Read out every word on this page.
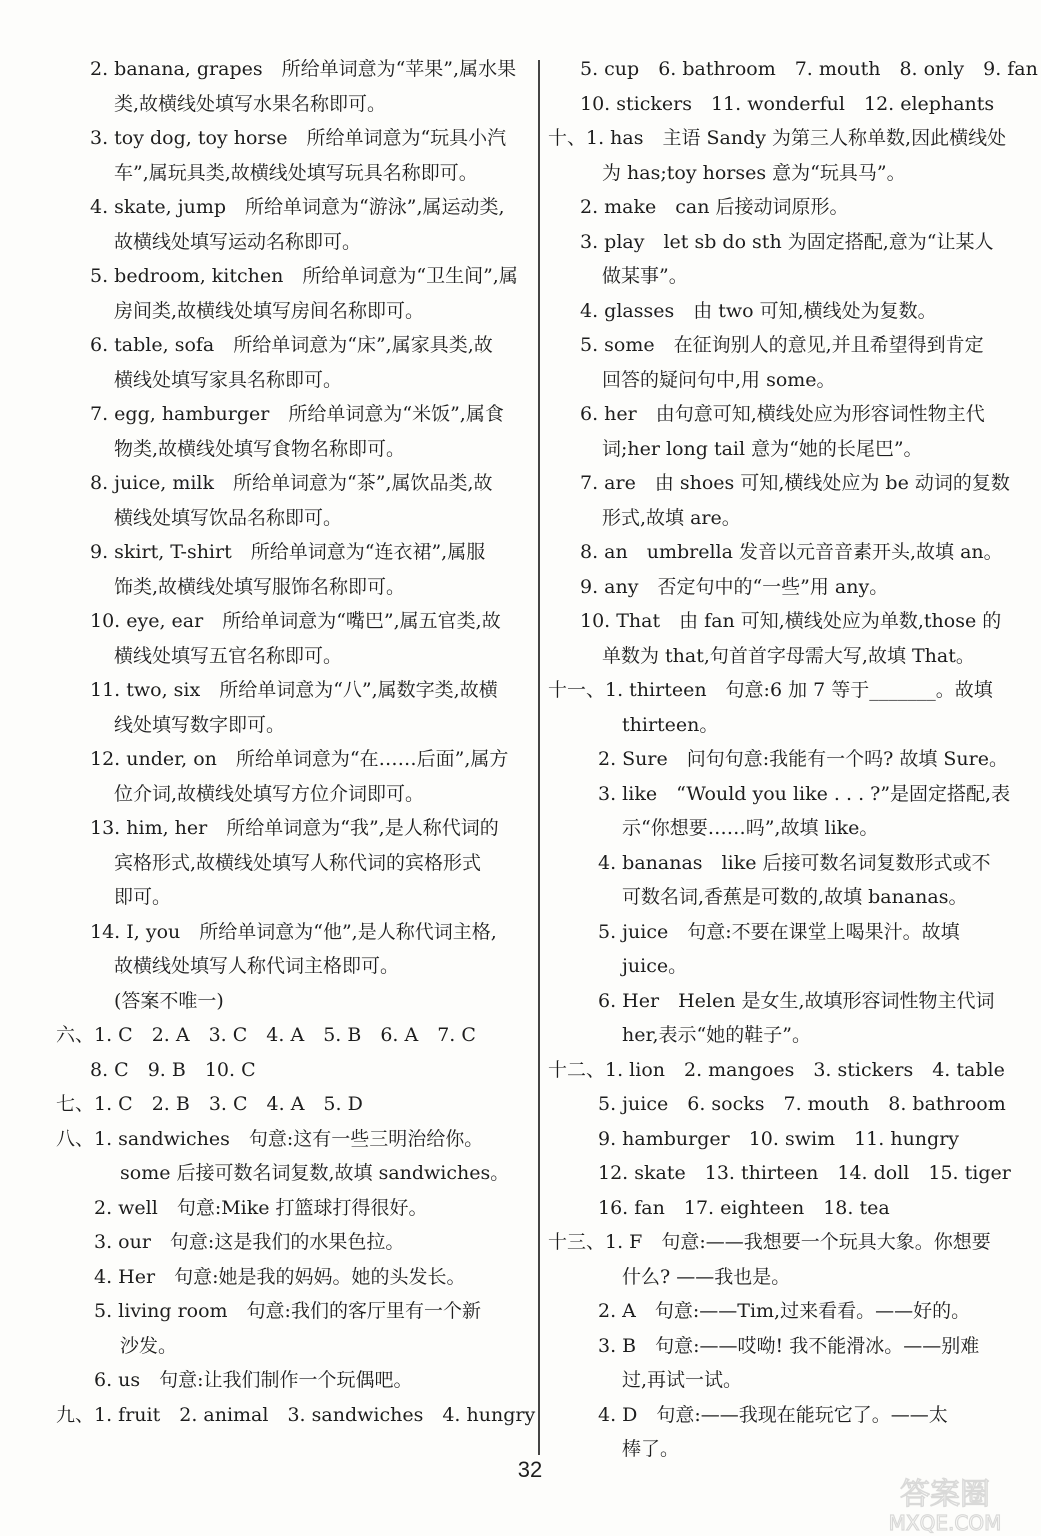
2. banana, grapes　所给单词意为“苹果”,属水果
类,故横线处填写水果名称即可。
3. toy dog, toy horse　所给单词意为“玩具小汽
车”,属玩具类,故横线处填写玩具名称即可。
4. skate, jump　所给单词意为“游泳”,属运动类,
故横线处填写运动名称即可。
5. bedroom, kitchen　所给单词意为“卫生间”,属
房间类,故横线处填写房间名称即可。
6. table, sofa　所给单词意为“床”,属家具类,故
横线处填写家具名称即可。
7. egg, hamburger　所给单词意为“米饭”,属食
物类,故横线处填写食物名称即可。
8. juice, milk　所给单词意为“茶”,属饮品类,故
横线处填写饮品名称即可。
9. skirt, T-shirt　所给单词意为“连衣裙”,属服
饰类,故横线处填写服饰名称即可。
10. eye, ear　所给单词意为“嘴巴”,属五官类,故
横线处填写五官名称即可。
11. two, six　所给单词意为“八”,属数字类,故横
线处填写数字即可。
12. under, on　所给单词意为“在……后面”,属方
位介词,故横线处填写方位介词即可。
13. him, her　所给单词意为“我”,是人称代词的
宾格形式,故横线处填写人称代词的宾格形式
即可。
14. I, you　所给单词意为“他”,是人称代词主格,
故横线处填写人称代词主格即可。
(答案不唯一)
六、1. C　2. A　3. C　4. A　5. B　6. A　7. C
8. C　9. B　10. C
七、1. C　2. B　3. C　4. A　5. D
八、1. sandwiches　句意:这有一些三明治给你。
some 后接可数名词复数,故填 sandwiches。
2. well　句意:Mike 打篮球打得很好。
3. our　句意:这是我们的水果色拉。
4. Her　句意:她是我的妈妈。她的头发长。
5. living room　句意:我们的客厅里有一个新
沙发。
6. us　句意:让我们制作一个玩偶吧。
九、1. fruit　2. animal　3. sandwiches　4. hungry
5. cup　6. bathroom　7. mouth　8. only　9. fan
10. stickers　11. wonderful　12. elephants
十、1. has　主语 Sandy 为第三人称单数,因此横线处
为 has;toy horses 意为“玩具马”。
2. make　can 后接动词原形。
3. play　let sb do sth 为固定搭配,意为“让某人
做某事”。
4. glasses　由 two 可知,横线处为复数。
5. some　在征询别人的意见,并且希望得到肯定
回答的疑问句中,用 some。
6. her　由句意可知,横线处应为形容词性物主代
词;her long tail 意为“她的长尾巴”。
7. are　由 shoes 可知,横线处应为 be 动词的复数
形式,故填 are。
8. an　umbrella 发音以元音音素开头,故填 an。
9. any　否定句中的“一些”用 any。
10. That　由 fan 可知,横线处应为单数,those 的
单数为 that,句首首字母需大写,故填 That。
十一、1. thirteen　句意:6 加 7 等于_______。故填
thirteen。
2. Sure　问句句意:我能有一个吗? 故填 Sure。
3. like　“Would you like . . . ?”是固定搭配,表
示“你想要……吗”,故填 like。
4. bananas　like 后接可数名词复数形式或不
可数名词,香蕉是可数的,故填 bananas。
5. juice　句意:不要在课堂上喝果汁。故填
juice。
6. Her　Helen 是女生,故填形容词性物主代词
her,表示“她的鞋子”。
十二、1. lion　2. mangoes　3. stickers　4. table
5. juice　6. socks　7. mouth　8. bathroom
9. hamburger　10. swim　11. hungry
12. skate　13. thirteen　14. doll　15. tiger
16. fan　17. eighteen　18. tea
十三、1. F　句意:——我想要一个玩具大象。你想要
什么? ——我也是。
2. A　句意:——Tim,过来看看。——好的。
3. B　句意:——哎呦! 我不能滑冰。——别难
过,再试一试。
4. D　句意:——我现在能玩它了。——太
棒了。
32
答案圈
MXQE.COM
